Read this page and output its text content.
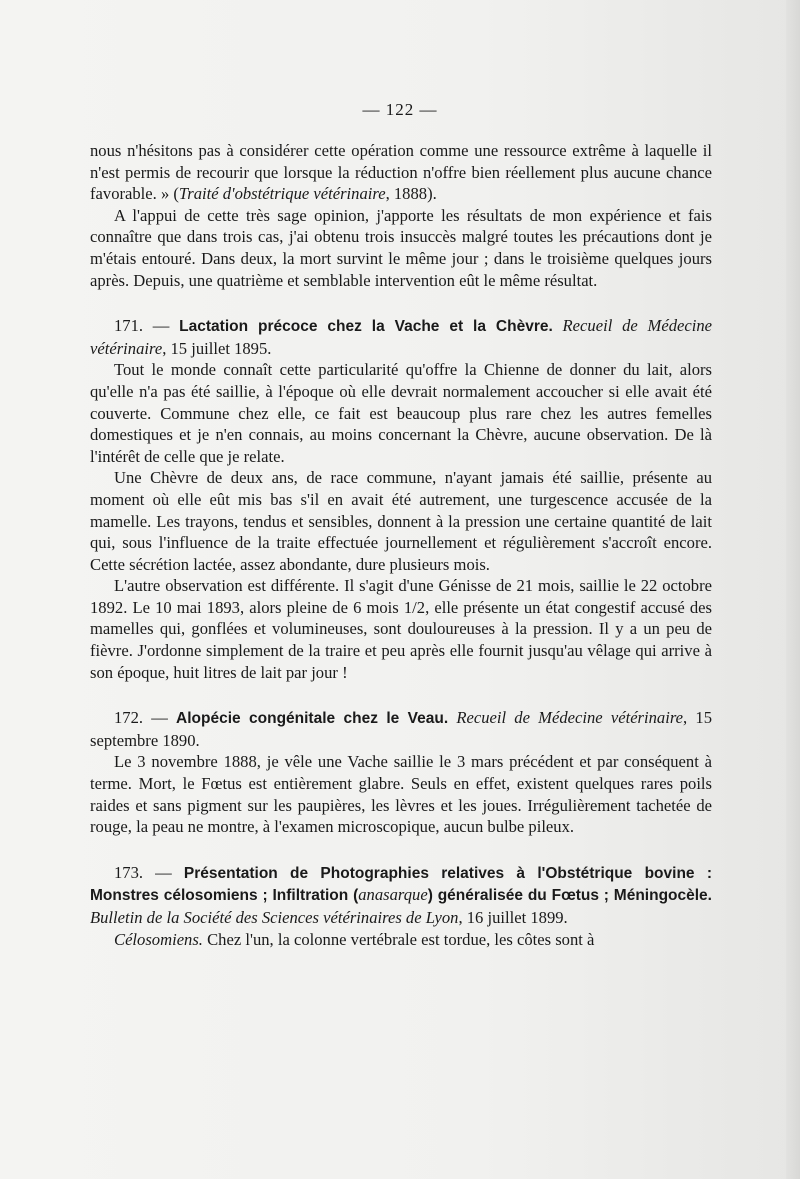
— 122 —

nous n'hésitons pas à considérer cette opération comme une ressource extrême à laquelle il n'est permis de recourir que lorsque la réduction n'offre bien réellement plus aucune chance favorable. » (Traité d'obstétrique vétérinaire, 1888).

A l'appui de cette très sage opinion, j'apporte les résultats de mon expérience et fais connaître que dans trois cas, j'ai obtenu trois insuccès malgré toutes les précautions dont je m'étais entouré. Dans deux, la mort survint le même jour ; dans le troisième quelques jours après. Depuis, une quatrième et semblable intervention eût le même résultat.

171. — Lactation précoce chez la Vache et la Chèvre. Recueil de Médecine vétérinaire, 15 juillet 1895.

Tout le monde connaît cette particularité qu'offre la Chienne de donner du lait, alors qu'elle n'a pas été saillie, à l'époque où elle devrait normalement accoucher si elle avait été couverte. Commune chez elle, ce fait est beaucoup plus rare chez les autres femelles domestiques et je n'en connais, au moins concernant la Chèvre, aucune observation. De là l'intérêt de celle que je relate.

Une Chèvre de deux ans, de race commune, n'ayant jamais été saillie, présente au moment où elle eût mis bas s'il en avait été autrement, une turgescence accusée de la mamelle. Les trayons, tendus et sensibles, donnent à la pression une certaine quantité de lait qui, sous l'influence de la traite effectuée journellement et régulièrement s'accroît encore. Cette sécrétion lactée, assez abondante, dure plusieurs mois.

L'autre observation est différente. Il s'agit d'une Génisse de 21 mois, saillie le 22 octobre 1892. Le 10 mai 1893, alors pleine de 6 mois 1/2, elle présente un état congestif accusé des mamelles qui, gonflées et volumineuses, sont douloureuses à la pression. Il y a un peu de fièvre. J'ordonne simplement de la traire et peu après elle fournit jusqu'au vêlage qui arrive à son époque, huit litres de lait par jour !

172. — Alopécie congénitale chez le Veau. Recueil de Médecine vétérinaire, 15 septembre 1890.

Le 3 novembre 1888, je vêle une Vache saillie le 3 mars précédent et par conséquent à terme. Mort, le Fœtus est entièrement glabre. Seuls en effet, existent quelques rares poils raides et sans pigment sur les paupières, les lèvres et les joues. Irrégulièrement tachetée de rouge, la peau ne montre, à l'examen microscopique, aucun bulbe pileux.

173. — Présentation de Photographies relatives à l'Obstétrique bovine : Monstres célosomiens ; Infiltration (anasarque) généralisée du Fœtus ; Méningocèle. Bulletin de la Société des Sciences vétérinaires de Lyon, 16 juillet 1899.

Célosomiens. Chez l'un, la colonne vertébrale est tordue, les côtes sont à
